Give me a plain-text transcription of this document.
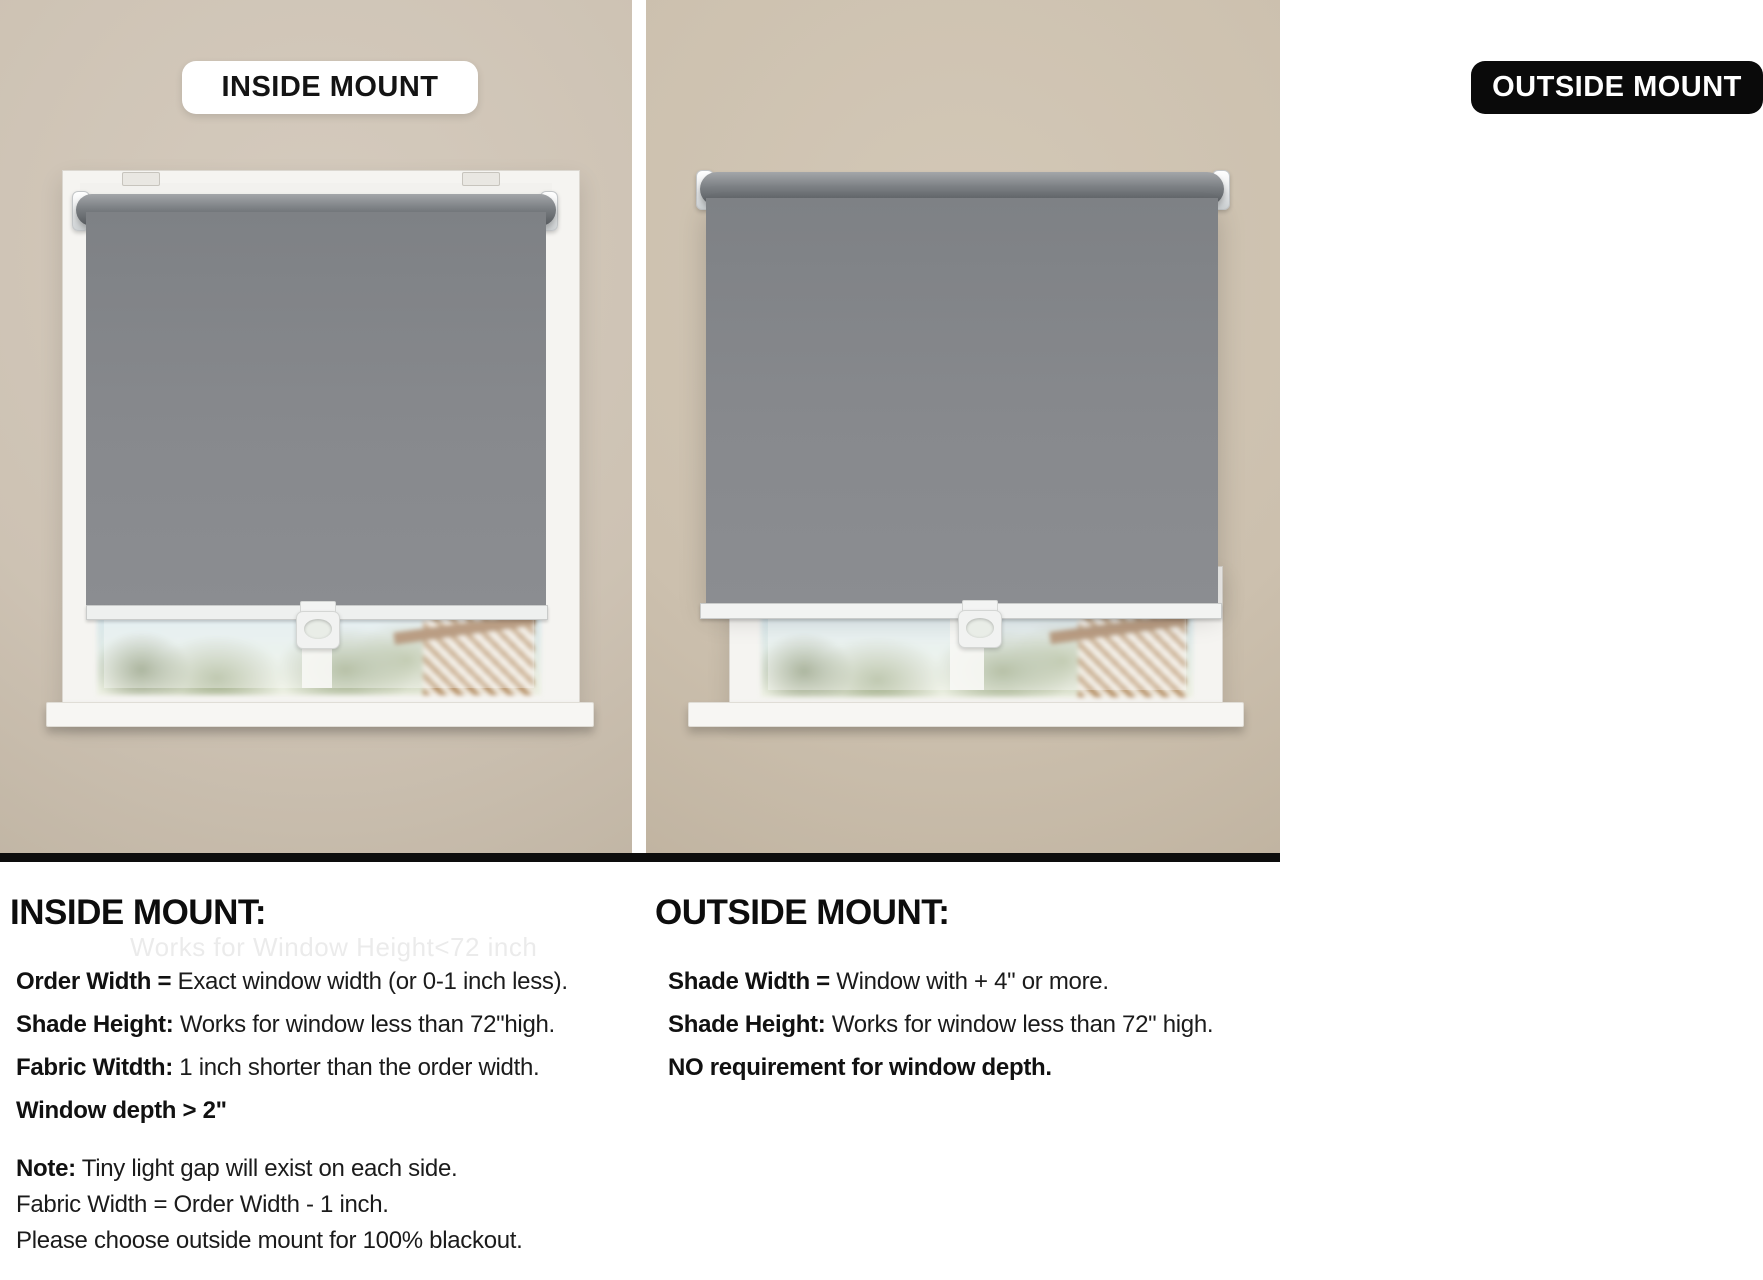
INSIDE MOUNT	OUTSIDE MOUNT
INSIDE MOUNT:
Works for Window Height<72 inch
Order Width = Exact window width (or 0-1 inch less).
Shade Height: Works for window less than 72"high.
Fabric Witdth: 1 inch shorter than the order width.
Window depth > 2"
Note: Tiny light gap will exist on each side.
Fabric Width = Order Width - 1 inch.
Please choose outside mount for 100% blackout.
OUTSIDE MOUNT:
Shade Width = Window with + 4" or more.
Shade Height: Works for window less than 72" high.
NO requirement for window depth.
